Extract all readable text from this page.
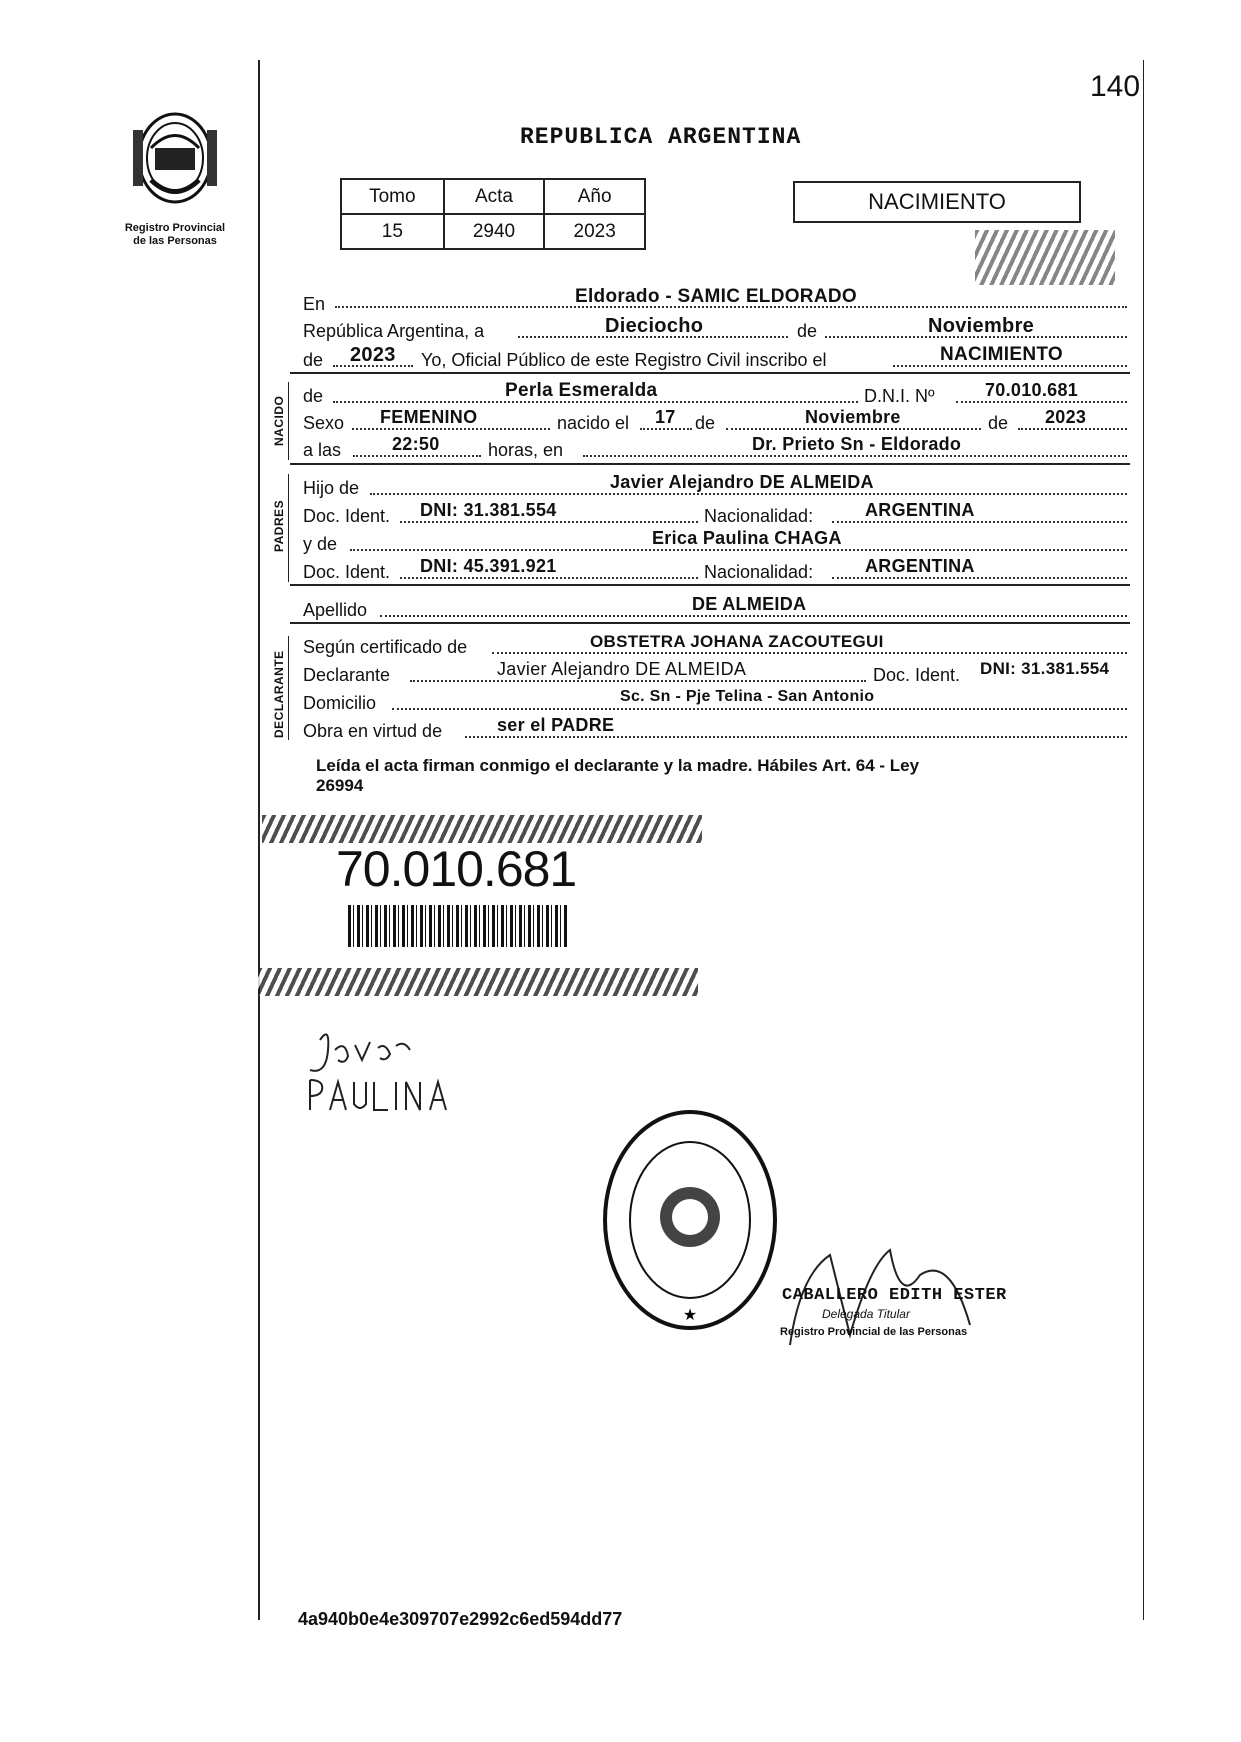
140
Registro Provincial
de las Personas
REPUBLICA ARGENTINA
Tomo	Acta	Año
15	2940	2023
NACIMIENTO
En	Eldorado - SAMIC ELDORADO
República Argentina, a	Dieciocho	de	Noviembre
de 2023 Yo, Oficial Público de este Registro Civil inscribo el	NACIMIENTO
NACIDO de	Perla Esmeralda	D.N.I. Nº	70.010.681
Sexo FEMENINO	nacido el 17 de	Noviembre	de 2023
a las	22:50	horas, en	Dr. Prieto Sn - Eldorado
PADRES
Hijo de	Javier Alejandro DE ALMEIDA
Doc. Ident. DNI: 31.381.554	Nacionalidad:	ARGENTINA
y de	Erica Paulina CHAGA
Doc. Ident. DNI: 45.391.921	Nacionalidad:	ARGENTINA
Apellido	DE ALMEIDA
DECLARANTE
Según certificado de	OBSTETRA JOHANA ZACOUTEGUI
Declarante	Javier Alejandro DE ALMEIDA	Doc. Ident. DNI: 31.381.554
Domicilio	Sc. Sn - Pje Telina - San Antonio
Obra en virtud de	ser el PADRE
Leída el acta firman conmigo el declarante y la madre. Hábiles Art. 64 - Ley
26994
70.010.681
★
CABALLERO EDITH ESTER
Delegada Titular
Registro Provincial de las Personas
4a940b0e4e309707e2992c6ed594dd77
